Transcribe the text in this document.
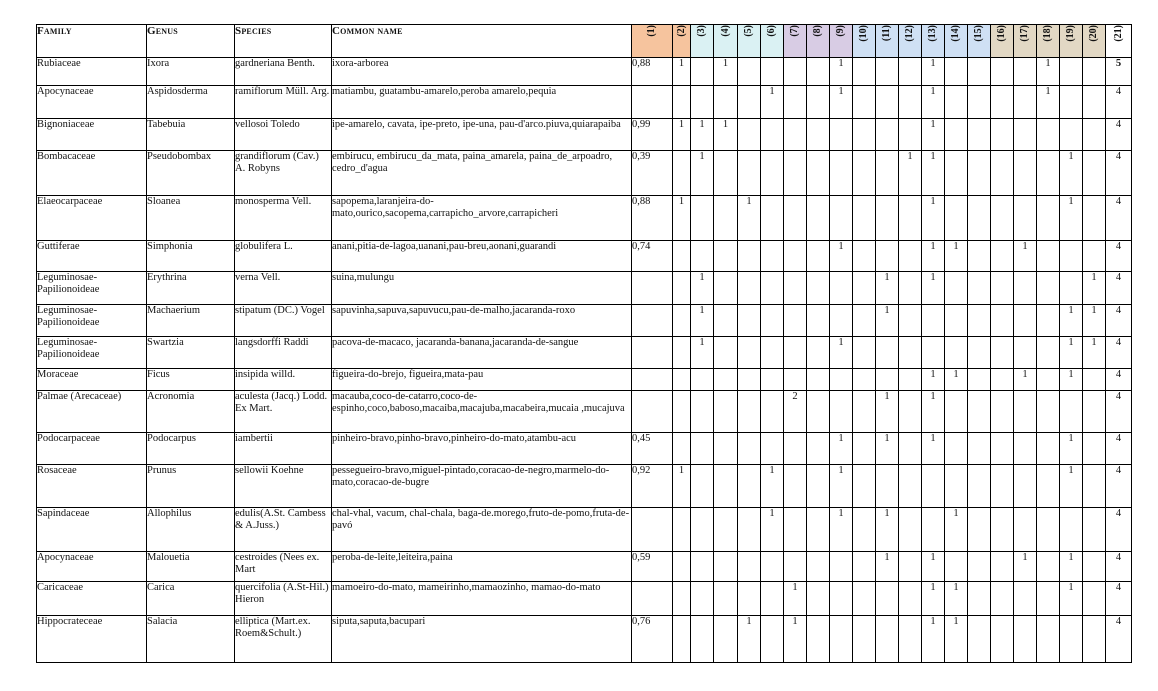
Family	Genus	Species	Common name	(1)	(2)	(3)	(4)	(5)	(6)	(7)	(8)	(9)	(10)	(11)	(12)	(13)	(14)	(15)	(16)	(17)	(18)	(19)	(20)	(21)

Rubiaceae	Ixora	gardneriana Benth.	ixora-arborea	0,88	1		1					1				1					1			5
Apocynaceae	Aspidosderma	ramiflorum Müll. Arg.	matiambu, guatambu-amarelo,peroba amarelo,pequia						1			1				1					1			4
Bignoniaceae	Tabebuia	vellosoi Toledo	ipe-amarelo, cavata, ipe-preto, ipe-una, pau-d'arco.piuva,quiarapaiba	0,99	1	1	1									1								4
Bombacaceae	Pseudobombax	grandiflorum (Cav.) A. Robyns	embirucu, embirucu_da_mata, paina_amarela, paina_de_arpoadro, cedro_d'agua	0,39		1									1	1						1		4
Elaeocarpaceae	Sloanea	monosperma Vell.	sapopema,laranjeira-do-mato,ourico,sacopema,carrapicho_arvore,carrapicheri	0,88	1			1								1						1		4
Guttiferae	Simphonia	globulifera L.	anani,pitia-de-lagoa,uanani,pau-breu,aonani,guarandi	0,74								1				1	1			1				4
Leguminosae-Papilionoideae	Erythrina	verna Vell.	suina,mulungu			1								1		1							1	4
Leguminosae-Papilionoideae	Machaerium	stipatum (DC.) Vogel	sapuvinha,sapuva,sapuvucu,pau-de-malho,jacaranda-roxo			1								1								1	1	4
Leguminosae-Papilionoideae	Swartzia	langsdorffi Raddi	pacova-de-macaco, jacaranda-banana,jacaranda-de-sangue			1						1										1	1	4
Moraceae	Ficus	insipida willd.	figueira-do-brejo, figueira,mata-pau													1	1			1		1		4
Palmae (Arecaceae)	Acronomia	aculesta (Jacq.) Lodd. Ex Mart.	macauba,coco-de-catarro,coco-de-espinho,coco,baboso,macaiba,macajuba,macabeira,mucaia ,mucajuva							2				1		1								4
Podocarpaceae	Podocarpus	iambertii	pinheiro-bravo,pinho-bravo,pinheiro-do-mato,atambu-acu	0,45								1		1		1						1		4
Rosaceae	Prunus	sellowii Koehne	pessegueiro-bravo,miguel-pintado,coracao-de-negro,marmelo-do-mato,coracao-de-bugre	0,92	1				1			1										1		4
Sapindaceae	Allophilus	edulis(A.St. Cambess & A.Juss.)	chal-vhal, vacum, chal-chala, baga-de.morego,fruto-de-pomo,fruta-de-pavó						1			1		1			1							4
Apocynaceae	Malouetia	cestroides (Nees ex. Mart	peroba-de-leite,leiteira,paina	0,59										1		1				1		1		4
Caricaceae	Carica	quercifolia (A.St-Hil.) Hieron	mamoeiro-do-mato, mameirinho,mamaozinho, mamao-do-mato							1						1	1					1		4
Hippocrateceae	Salacia	elliptica (Mart.ex. Roem&Schult.)	siputa,saputa,bacupari	0,76				1		1						1	1							4
